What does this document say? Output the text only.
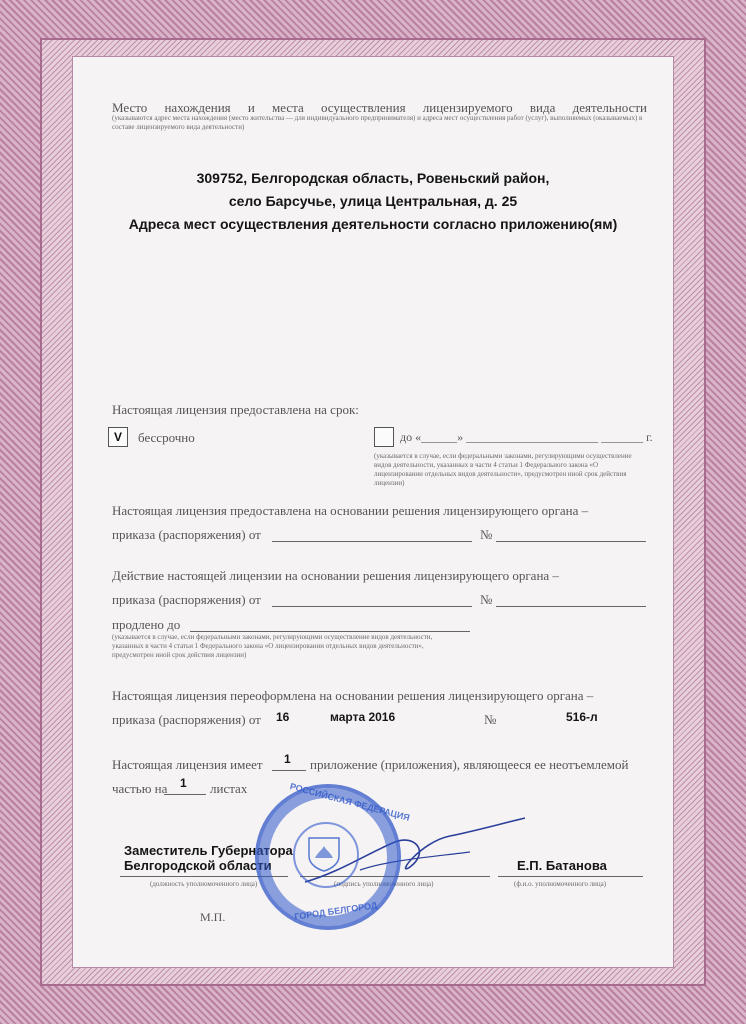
Место нахождения и места осуществления лицензируемого вида деятельности
(указываются адрес места нахождения (место жительства — для индивидуального предпринимателя) и адреса мест осуществления работ (услуг), выполняемых (оказываемых) в составе лицензируемого вида деятельности)
309752, Белгородская область, Ровеньский район,
село Барсучье, улица Центральная, д. 25
Адреса мест осуществления деятельности согласно приложению(ям)
Настоящая лицензия предоставлена на срок:
V	бессрочно	до «______» ______________________ _______ г.
(указывается в случае, если федеральными законами, регулирующими осуществление видов деятельности, указанных в части 4 статьи 1 Федерального закона «О лицензировании отдельных видов деятельности», предусмотрен иной срок действия лицензии)
Настоящая лицензия предоставлена на основании решения лицензирующего органа –
приказа (распоряжения) от	№
Действие настоящей лицензии на основании решения лицензирующего органа –
приказа (распоряжения) от	№
продлено до
(указывается в случае, если федеральными законами, регулирующими осуществление видов деятельности, указанных в части 4 статьи 1 Федерального закона «О лицензировании отдельных видов деятельности», предусмотрен иной срок действия лицензии)
Настоящая лицензия переоформлена на основании решения лицензирующего органа –
приказа (распоряжения) от 16	марта 2016	№	516-л
Настоящая лицензия имеет 1 приложение (приложения), являющееся ее неотъемлемой
частью на 1 листах
Заместитель Губернатора
Белгородской области
(должность уполномоченного лица)	(подпись уполномоченного лица)
Е.П. Батанова
(ф.и.о. уполномоченного лица)
М.П.
РОССИЙСКАЯ ФЕДЕРАЦИЯ
ГОРОД БЕЛГОРОД
